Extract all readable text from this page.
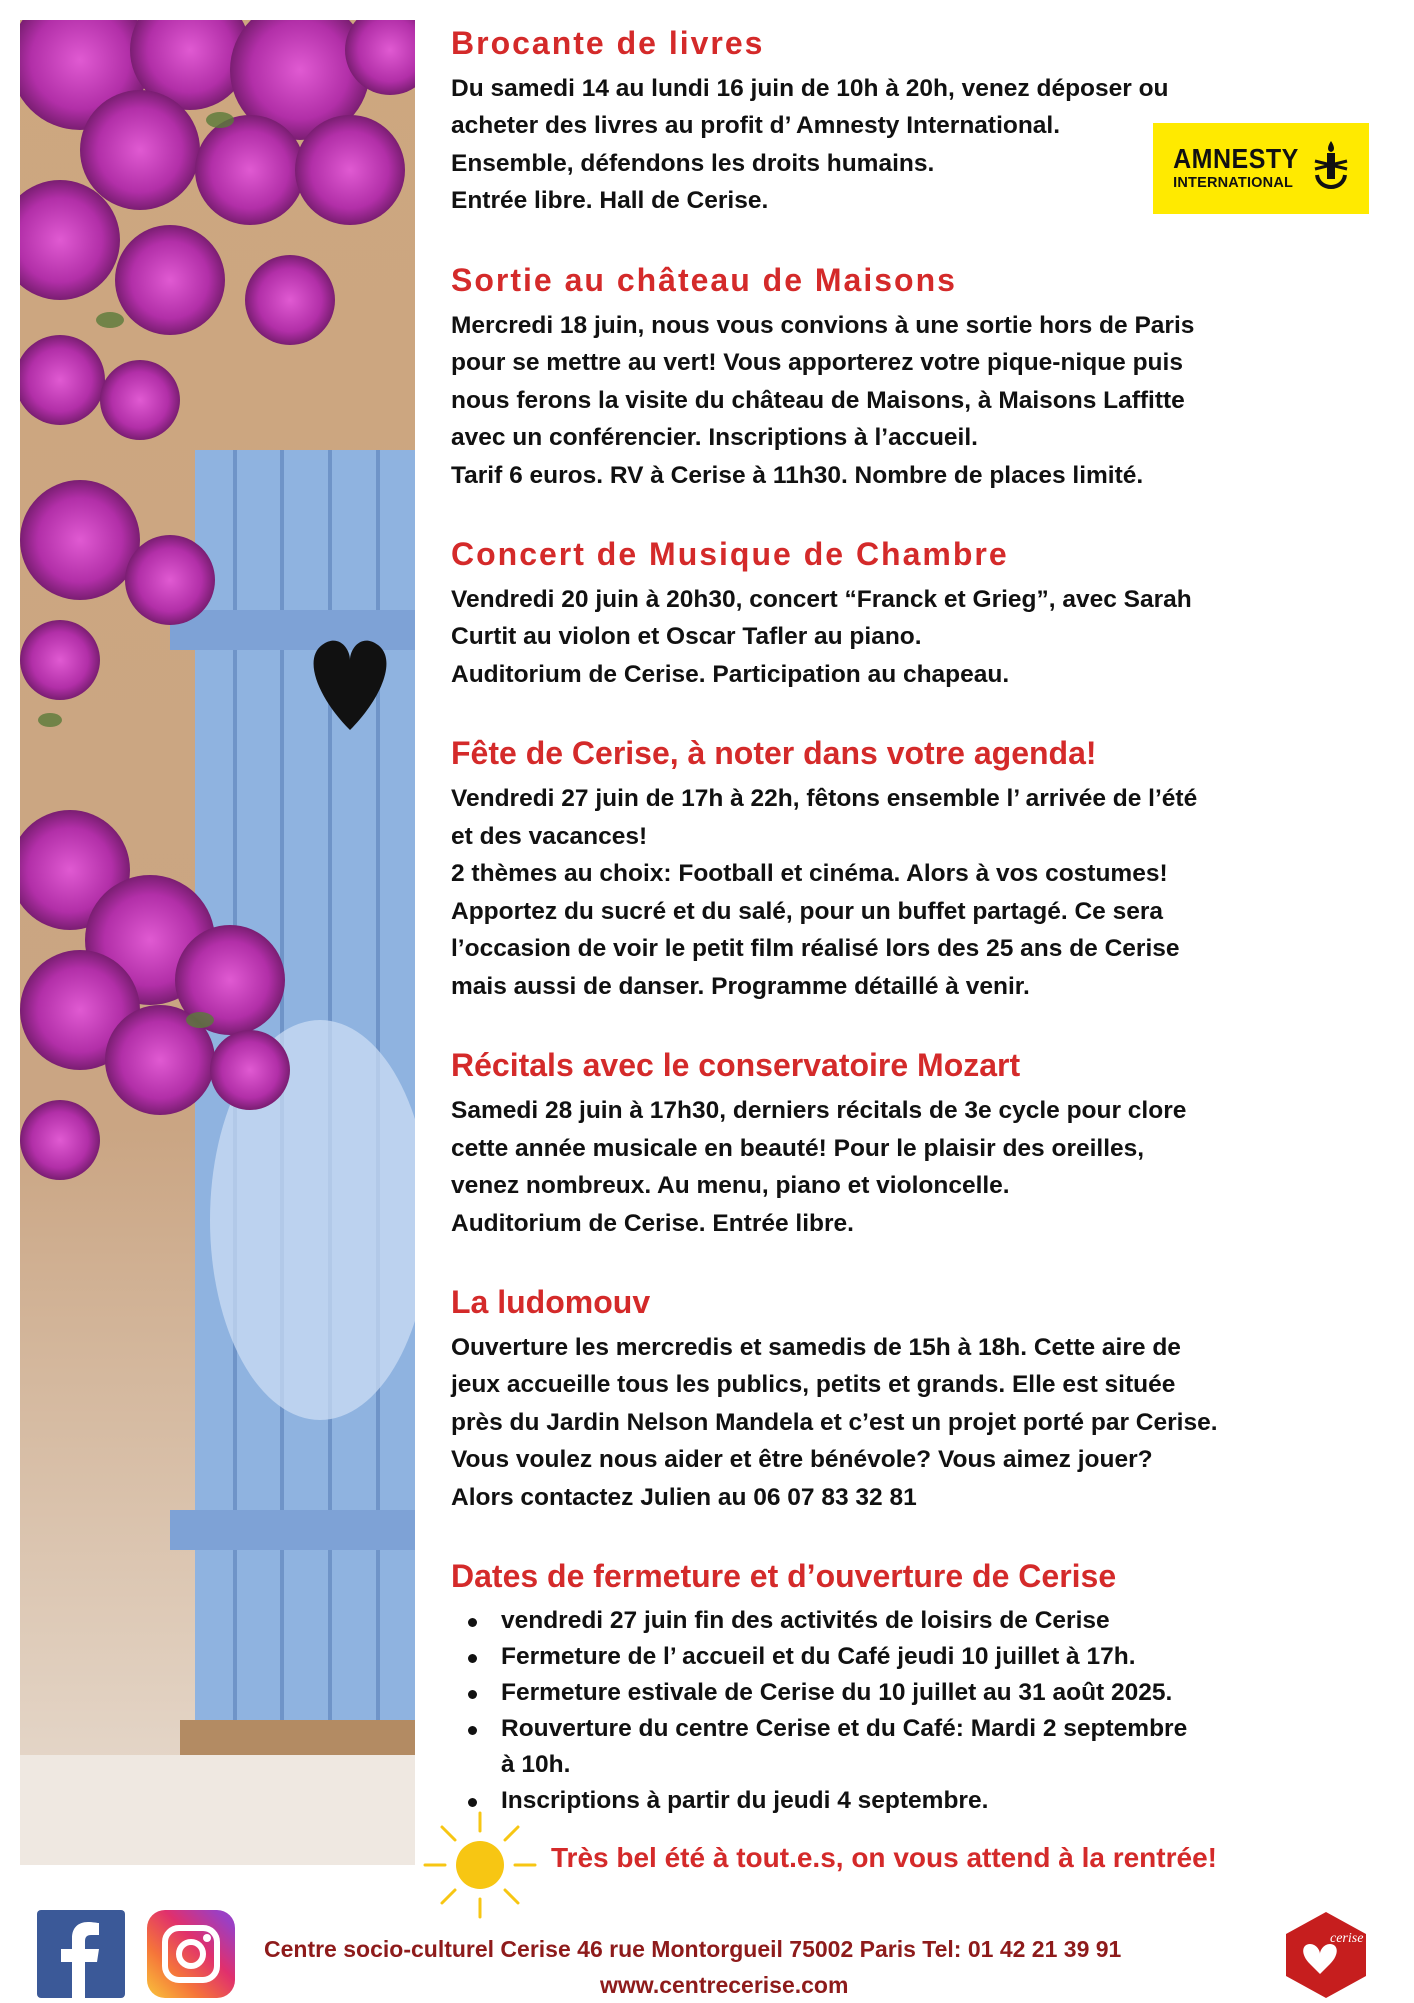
Brocante de livres

Du samedi 14 au lundi 16 juin de 10h à 20h, venez déposer ou

acheter des livres au profit d’ Amnesty International.

Ensemble, défendons les droits humains.

Entrée libre. Hall de Cerise.

Sortie au château de Maisons

Mercredi 18 juin, nous vous convions à une sortie hors de Paris

pour se mettre au vert! Vous apporterez votre pique-nique puis

nous ferons la visite du château de Maisons, à Maisons Laffitte

avec un conférencier. Inscriptions à l’accueil.

Tarif 6 euros. RV à Cerise à 11h30. Nombre de places limité.

Concert de Musique de Chambre

Vendredi 20 juin à 20h30, concert “Franck et Grieg”, avec Sarah

Curtit au violon et Oscar Tafler au piano.

Auditorium de Cerise. Participation au chapeau.

Fête de Cerise, à noter dans votre agenda!

Vendredi 27 juin de 17h à 22h, fêtons ensemble l’ arrivée de l’été

et des vacances!

2 thèmes au choix: Football et cinéma. Alors à vos costumes!

Apportez du sucré et du salé, pour un buffet partagé. Ce sera

l’occasion de voir le petit film réalisé lors des 25 ans de Cerise

mais aussi de danser. Programme détaillé à venir.

Récitals avec le conservatoire Mozart

Samedi 28 juin à 17h30, derniers récitals de 3e cycle pour clore

cette année musicale en beauté! Pour le plaisir des oreilles,

venez nombreux. Au menu, piano et violoncelle.

Auditorium de Cerise. Entrée libre.

La ludomouv

Ouverture les mercredis et samedis de 15h à 18h. Cette aire de

jeux accueille tous les publics, petits et grands. Elle est située

près du Jardin Nelson Mandela et c’est un projet porté par Cerise.

Vous voulez nous aider et être bénévole? Vous aimez jouer?

Alors contactez Julien au 06 07 83 32 81

Dates de fermeture et d’ouverture de Cerise
vendredi 27 juin fin des activités de loisirs de Cerise
Fermeture de l’ accueil et du Café jeudi 10 juillet à 17h.
Fermeture estivale de Cerise du 10 juillet au 31 août 2025.
Rouverture du centre Cerise et du Café: Mardi 2 septembre
à 10h.
Inscriptions à partir du jeudi 4 septembre.
AMNESTY
INTERNATIONAL
Très bel été à tout.e.s, on vous attend à la rentrée!
Centre socio-culturel Cerise 46 rue Montorgueil 75002 Paris Tel: 01 42 21 39 91
www.centrecerise.com
cerise
